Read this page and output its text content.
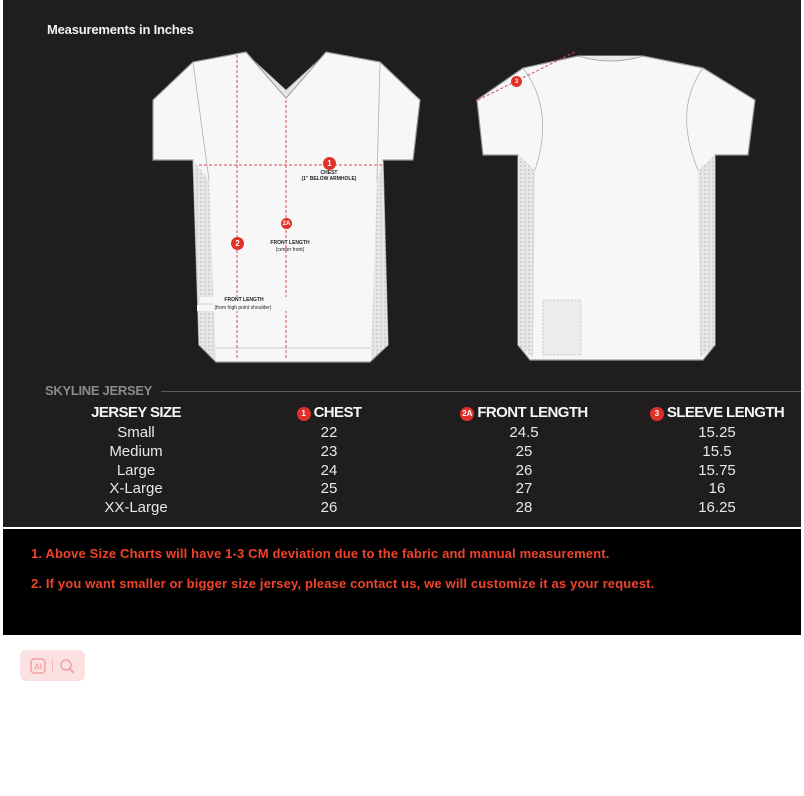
Measurements in Inches
1
CHEST
(1" BELOW ARMHOLE)
2A
FRONT LENGTH
(center front)
2
FRONT LENGTH
(from high point shoulder)
3
SKYLINE JERSEY
JERSEY SIZE	1 CHEST	2A FRONT LENGTH	3 SLEEVE LENGTH
Small	22	24.5	15.25
Medium	23	25	15.5
Large	24	26	15.75
X-Large	25	27	16
XX-Large	26	28	16.25
1. Above Size Charts will have 1-3 CM deviation due to the fabric and manual measurement.
2. If you want smaller or bigger size jersey, please contact us, we will customize it as your request.
AI
